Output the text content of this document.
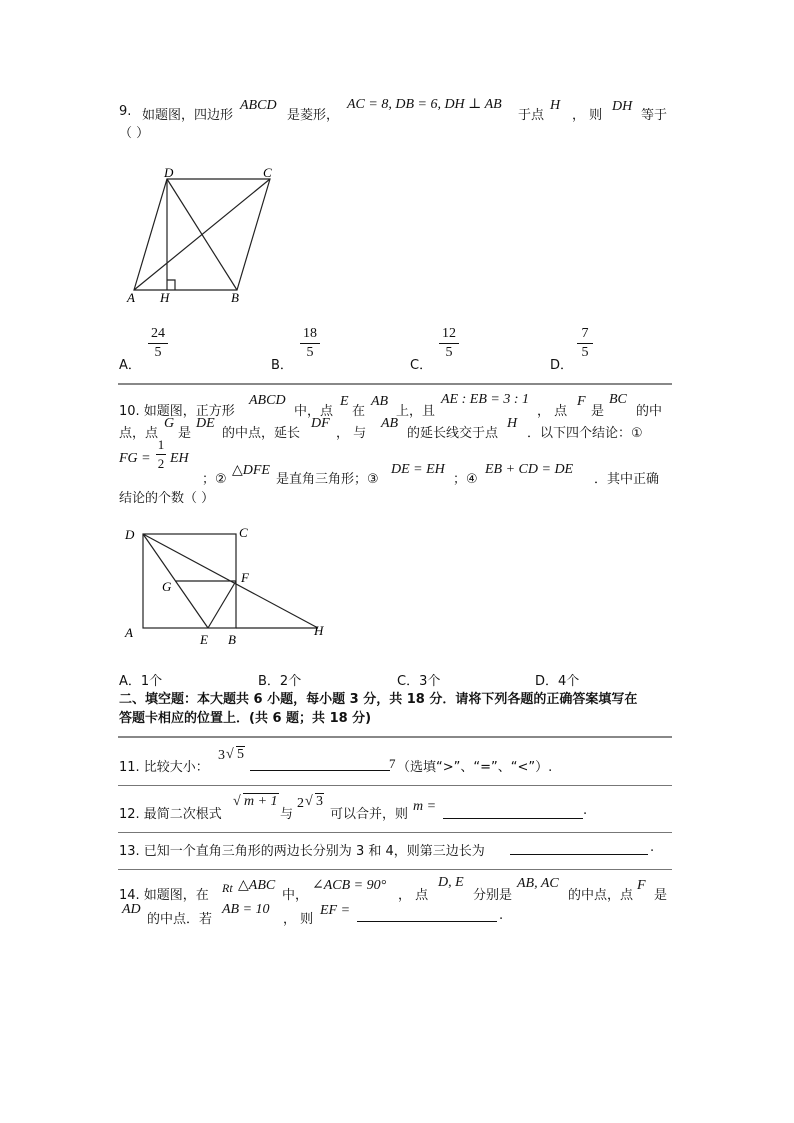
9. 如题图，四边形
ABCD
是菱形，
AC = 8, DB = 6, DH ⊥ AB
于点
H
， 则
DH
等于
（ ）
D	C
A H	B
A．
24
5
B．
18
5
C．
12
5
D．
7
5
10. 如题图，正方形
ABCD
中，点
E
在
AB
上，且
AE : EB = 3 : 1
， 点
F
是
BC
的中
点，点
G
是
DE
的中点，延长
DF
， 与
AB
的延长线交于点
H
．以下四个结论：①
FG =
1
2 EH
；②
△DFE
是直角三角形；③
DE = EH
；④
EB + CD = DE
．其中正确
结论的个数（ ）
D	C
G
F
A	E B
H
A．1个	B．2个	C．3个	D．4个
二、填空题：本大题共 6 小题，每小题 3 分，共 18 分．请将下列各题的正确答案填写在
答题卡相应的位置上．(共 6 题；共 18 分)
11. 比较大小：
3 √ 5
7 （选填“>”、“=”、“<”）.
12. 最简二次根式
√ m + 1
与
2 √ 3
可以合并，则
m =	.
13. 已知一个直角三角形的两边长分别为 3 和 4，则第三边长为	.
14. 如题图，在 Rt △ABC
中，
∠ACB = 90°
， 点
D, E
分别是
AB, AC
的中点，点
F
是
AD
的中点．若
AB = 10
， 则
EF =	.
